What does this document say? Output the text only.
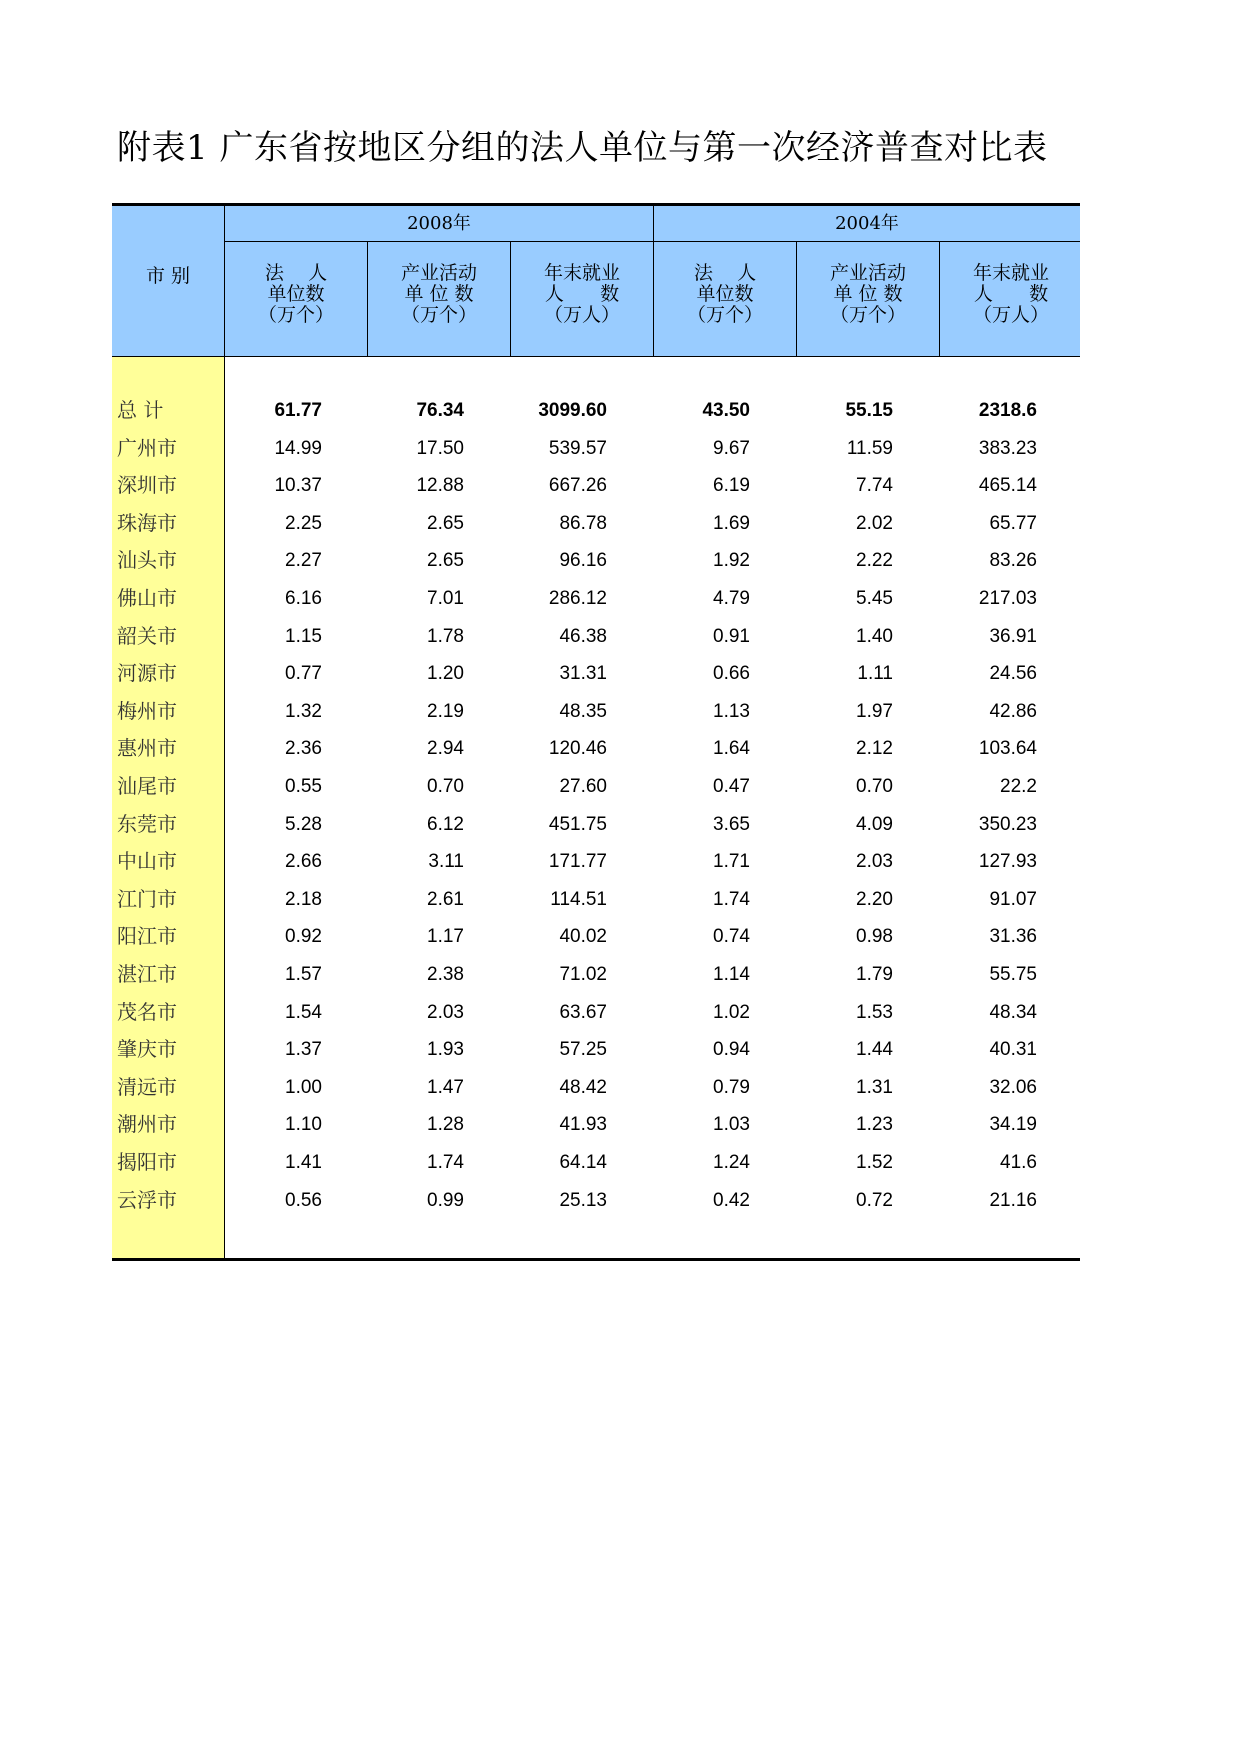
附表1 广东省按地区分组的法人单位与第一次经济普查对比表
市 别
2008年	2004年
法    人
单位数
（万个）
产业活动
单 位 数
（万个）
年末就业
人      数
（万人）
法    人
单位数
（万个）
产业活动
单 位 数
（万个）
年末就业
人      数
（万人）
总 计	61.77	76.34	3099.60	43.50	55.15	2318.6
广州市	14.99	17.50	539.57	9.67	11.59	383.23
深圳市	10.37	12.88	667.26	6.19	7.74	465.14
珠海市	2.25	2.65	86.78	1.69	2.02	65.77
汕头市	2.27	2.65	96.16	1.92	2.22	83.26
佛山市	6.16	7.01	286.12	4.79	5.45	217.03
韶关市	1.15	1.78	46.38	0.91	1.40	36.91
河源市	0.77	1.20	31.31	0.66	1.11	24.56
梅州市	1.32	2.19	48.35	1.13	1.97	42.86
惠州市	2.36	2.94	120.46	1.64	2.12	103.64
汕尾市	0.55	0.70	27.60	0.47	0.70	22.2
东莞市	5.28	6.12	451.75	3.65	4.09	350.23
中山市	2.66	3.11	171.77	1.71	2.03	127.93
江门市	2.18	2.61	114.51	1.74	2.20	91.07
阳江市	0.92	1.17	40.02	0.74	0.98	31.36
湛江市	1.57	2.38	71.02	1.14	1.79	55.75
茂名市	1.54	2.03	63.67	1.02	1.53	48.34
肇庆市	1.37	1.93	57.25	0.94	1.44	40.31
清远市	1.00	1.47	48.42	0.79	1.31	32.06
潮州市	1.10	1.28	41.93	1.03	1.23	34.19
揭阳市	1.41	1.74	64.14	1.24	1.52	41.6
云浮市	0.56	0.99	25.13	0.42	0.72	21.16
